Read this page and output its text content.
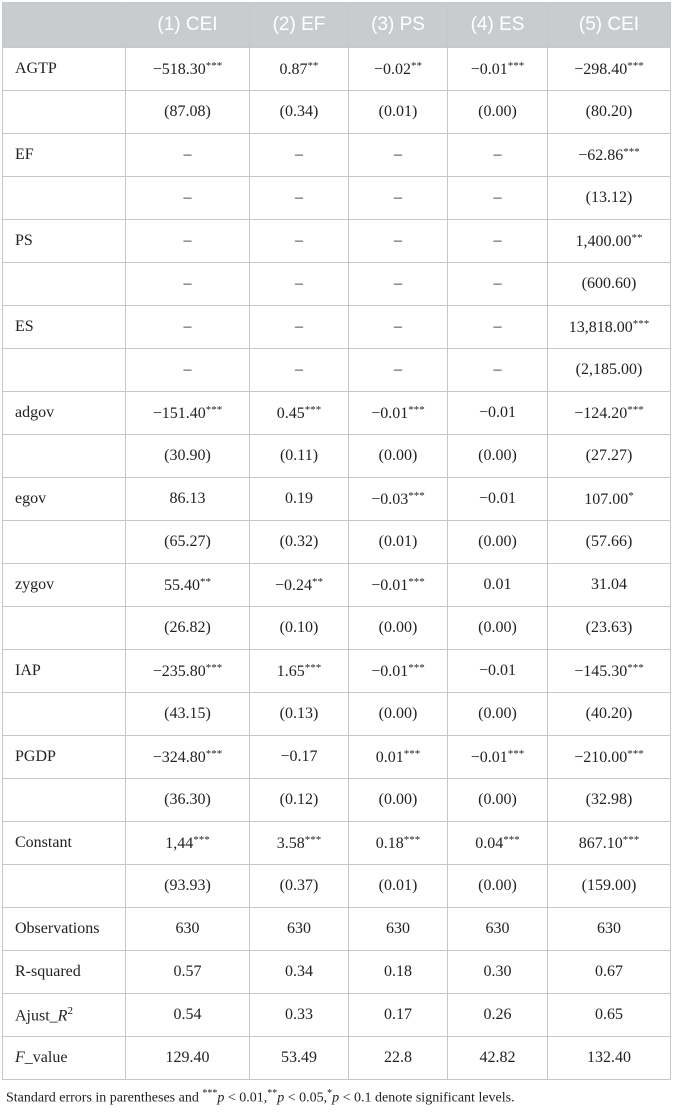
	(1) CEI	(2) EF	(3) PS	(4) ES	(5) CEI
AGTP	−518.30***	0.87**	−0.02**	−0.01***	−298.40***
	(87.08)	(0.34)	(0.01)	(0.00)	(80.20)
EF	–	–	–	–	−62.86***
	–	–	–	–	(13.12)
PS	–	–	–	–	1,400.00**
	–	–	–	–	(600.60)
ES	–	–	–	–	13,818.00***
	–	–	–	–	(2,185.00)
adgov	−151.40***	0.45***	−0.01***	−0.01	−124.20***
	(30.90)	(0.11)	(0.00)	(0.00)	(27.27)
egov	86.13	0.19	−0.03***	−0.01	107.00*
	(65.27)	(0.32)	(0.01)	(0.00)	(57.66)
zygov	55.40**	−0.24**	−0.01***	0.01	31.04
	(26.82)	(0.10)	(0.00)	(0.00)	(23.63)
IAP	−235.80***	1.65***	−0.01***	−0.01	−145.30***
	(43.15)	(0.13)	(0.00)	(0.00)	(40.20)
PGDP	−324.80***	−0.17	0.01***	−0.01***	−210.00***
	(36.30)	(0.12)	(0.00)	(0.00)	(32.98)
Constant	1,44***	3.58***	0.18***	0.04***	867.10***
	(93.93)	(0.37)	(0.01)	(0.00)	(159.00)
Observations	630	630	630	630	630
R-squared	0.57	0.34	0.18	0.30	0.67
$Ajust\_R^2$	0.54	0.33	0.17	0.26	0.65
F_value	129.40	53.49	22.8	42.82	132.40
Standard errors in parentheses and ***p < 0.01,**p < 0.05,*p < 0.1 denote significant levels.
